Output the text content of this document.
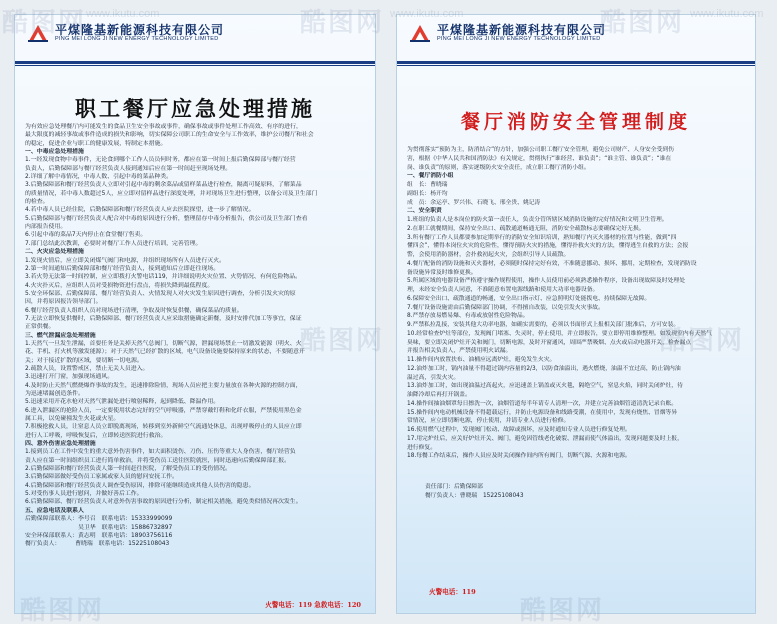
平煤隆基新能源科技有限公司
PING MEI LONG JI NEW ENERGY TECHNOLOGY LIMITED
职工餐厅应急处理措施
为有效应急处理餐厅内可能发生的食品卫生安全事故或事件，确保事故或事件处理工作高效、有序的进行，
最大限度的减轻事故或事件造成的损失和影响，切实保障公司职工的生命安全与工作效率，维护公司餐厅和社会
的稳定，促进企业与职工的健康发展，特制定本措施。
一、中毒应急处理措施
1.一经发现食物中毒事件，无论食到哪个工作人员员何时务，都应在第一时间上报后勤保障部与餐厅经营
负责人，后勤保障部与餐厅经营负责人接到通知后应在第一时间赶至现场处理。
2.详细了解中毒情况，中毒人数、引起中毒的菜品种类。
3.后勤保障部和餐厅经营负责人立即对引起中毒的剩余菜品或留样菜品进行检查，隔离可疑原料，了解菜品
的质量情况，若中毒人数超过5人，应立即对留样品进行深度处理，并对现场卫生进行整理，以备公司及卫生部门
的检查。
4.若中毒人员已经住院，后勤保障部和餐厅经营负责人应去医院探望，进一步了解情况。
5.后勤保障部与餐厅经营负责人配合对中毒的原因进行分析，整理留存中毒分析报告，供公司及卫生部门查看
内部报告使用。
6.引起中毒的菜品7天内停止在食堂餐厅售卖。
7.部门总结此次教训，必要时对餐厅工作人员进行培训，完善管理。
二、火灾应急处理措施
1.发现火情后，应立即关闭煤气阀门和电源，并组织现场所有人员进行灭火。
2.第一时间通知后勤保障部和餐厅经营负责人，接到通知后立即赶往现场。
3.若火势无法第一时间控制，应立即拨打火警电话119，并详细说明火灾位置、火势情况、有何危险物品。
4.火灾扑灭后，应组织人员对受损物资进行盘点，将损失降到最低程度。
5.安全环保部、后勤保障部、餐厅经营负责人、火情发现人对火灾发生原因进行调查，分析引发火灾的原
因，并将原因报告领导部门。
6.餐厅经营负责人组织人员对现场进行清理，争取及时恢复供餐，确保菜品的质量。
7.无法立即恢复供餐时，后勤保障部、餐厅经营负责人应采取措施确定新餐，及时安排代加工等事宜，保证
正常供餐。
三、燃气泄漏应急处理措施
1.天然气一旦发生泄漏，首要任务是关掉天然气总阀门，切断气源，泄漏现场禁止一切激发能源（明火、火
花、手机、打火机等激发能源）；对于天然气已经扩散的区域，电气设备设施要保持原来的状态，不要随意开
关；对于接近扩散的区域，要切断一切电源。
2.疏散人员，设置警戒区，禁止无关人员进入。
3.迅速打开门窗，加强现场通风。
4.及时防止天然气燃烧爆炸事故的发生，迅速排除险情，现场人员应把主要力量放在各种火源的控制方面，
为迅速堵漏创造条件。
5.迅速采用开花水枪对天然气泄漏处进行喷射稀释，起到降低、降温作用。
6.进入泄漏区的抢险人员，一定要使用状态完好的空气呼吸器，严禁穿戴钉鞋和化纤衣服，严禁使用黑色金
属工具，以免碰撞发生火花或火星。
7.积极抢救人员，让窒息人员立即脱离现场，转移到室外新鲜空气流通处休息，出现呼吸停止的人员应立即
进行人工呼吸，呼吸恢复后，立即转送医院进行救治。
四、意外伤害应急处理措施
1.接到员工在工作中发生的重大意外伤害事件，如大面积烫伤、刀伤、压伤等重大人身伤害，餐厅经营负
责人应在第一时间组织员工进行简单救治，并将受伤员工送往医院就医，同时迅速向后勤保障部汇报。
2.后勤保障部和餐厅经营负责人第一时间赶往医院，了解受伤员工的受伤情况。
3.后勤保障部做好受伤员工家属或家人员的慰问安抚工作。
4.后勤保障部和餐厅经营负责人调查受伤原因，排除可能继续造成其他人员伤害的隐患。
5.对受伤事人员进行慰问，并做好善后工作。
6.后勤保障部、餐厅经营负责人对意外伤害事故的原因进行分析，制定相关措施，避免类似情况再次发生。
五、应急电话及联系人
后勤保障部联系人：李号召　联系电话：15333999099
　　　　　　　　　吴卫华　联系电话：15886732897
安全环保部联系人：黄志明　联系电话：18903756116
餐厅负责人：　　　曹晓瑞　联系电话：15225108043
火警电话：119 急救电话：120
平煤隆基新能源科技有限公司
PING MEI LONG JI NEW ENERGY TECHNOLOGY LIMITED
餐厅消防安全管理制度
为贯彻落实“预防为主，防消结合”的方针，加强公司职工餐厅安全管理，避免公司财产、人身安全受到伤
害，根据《中华人民共和国消防法》有关规定，贯彻执行“谁经营、谁负责”；“谁主管、谁负责”；“谁在
岗、谁负责”的原则，落实逐级防火安全责任，成立职工餐厅消防小组。
一、餐厅消防小组
组　长：曹晓瑞
副组长：杨开均
成　员：余运亭、罗兴伟、石晓飞、邢全贵、姚记涛
二、安全职责
1.班组的负责人是本岗位的防火第一责任人，负责分管所辖区域消防设施的完好情况和文明卫生管理。
2.在职工就餐期间，保持安全出口、疏散通道畅通无阻，消防安全疏散标志要确保完好无损。
3.所有餐厅工作人员都要参加定期举行的消防安全知识培训，熟知餐厅内灭火器材的位置与性能，做到“四
懂四会”，懂得本岗位火灾的危险性，懂得预防火灾的措施，懂得扑救火灾的方法，懂得逃生自救的方法；会报
警，会使用消防器材，会扑救初起火灾，会组织引导人员疏散。
4.餐厅配备的消防设施和灭火器材，必须随时保持完好有效，不准随意挪动、损坏、挪用，定期检查，发现消防设
备设施异常及时维修更换。
5.所属区域的电器设备严格遵守操作规程使用，操作人员使用前必须熟悉操作程序，设备出现故障及时处理处
理，未经安全负责人同意，不准随意布置电源线路和使用大功率电器设备。
6.保障安全出口、疏散通道的畅通，安全出口指示灯、应急照明灯处能拨电、持续保障无故障。
7.餐厅设备设施需由后勤保障部门协调，不得擅自改装，以免引发火灾事故。
8.严禁存放易燃易爆、有毒或放射性危险物品。
9.严禁私拉乱接，安装其他大功率电器，如确实需要的，必须以书面形式上报相关部门批准后，方可安装。
10.经常检查炉灶等部位，发现阀门堵塞、失灵时，停止使用，并立即报告，要立即停用维修整理。如发现室内有天然气
臭味，要立即关闭炉灶开关和阀门，切断电源，及时开窗通风，周围严禁吸烟、点火或启动电器开关，检查漏点
并报告相关负责人，严禁使用明火试漏。
11.操作间内放置扶布、油桶应远离炉灶，避免发生火灾。
12.油炸加工时，锅内油量不得超过锅内容量的2/3，以防食油溢出，遇火燃烧，油温不宜过高，防止锅内油
温过高，引发火灾。
13.油炸加工时，如出现油温过高起火，应迅速盖上锅盖或灭火毯，隔绝空气，窒息火焰，同时关闭炉灶，待
油降冷却后再打开锅盖。
14.操作间抽油烟罩每日擦洗一次，油烟管道每半年请专人清理一次，并建立完善油烟管道清洗记录台账。
15.操作间内电动机械设备不得超载运行，并防止电源设备和线路受潮，在使用中，发现有烧焦、冒烟等异
常情况，应立即切断电源，停止使用，并请专业人员进行检修。
16.使用燃气过程中，发现阀门松动、故障或损坏，应及时通知专业人员进行修复处理。
17.用完炉灶后，应关好炉灶开关、阀门，避免因管线老化破裂、泄漏而使气体溢出，发现问题要及时上报，
进行修复。
18.每餐工作结束后，操作人员应及时关闭操作间内所有阀门，切断气源、火源和电源。
责任部门：后勤保障部
餐厅负责人：曹晓瑞　15225108043
火警电话：119
www.ikutu.com	www.ikutu.com	www.ikutu.com
